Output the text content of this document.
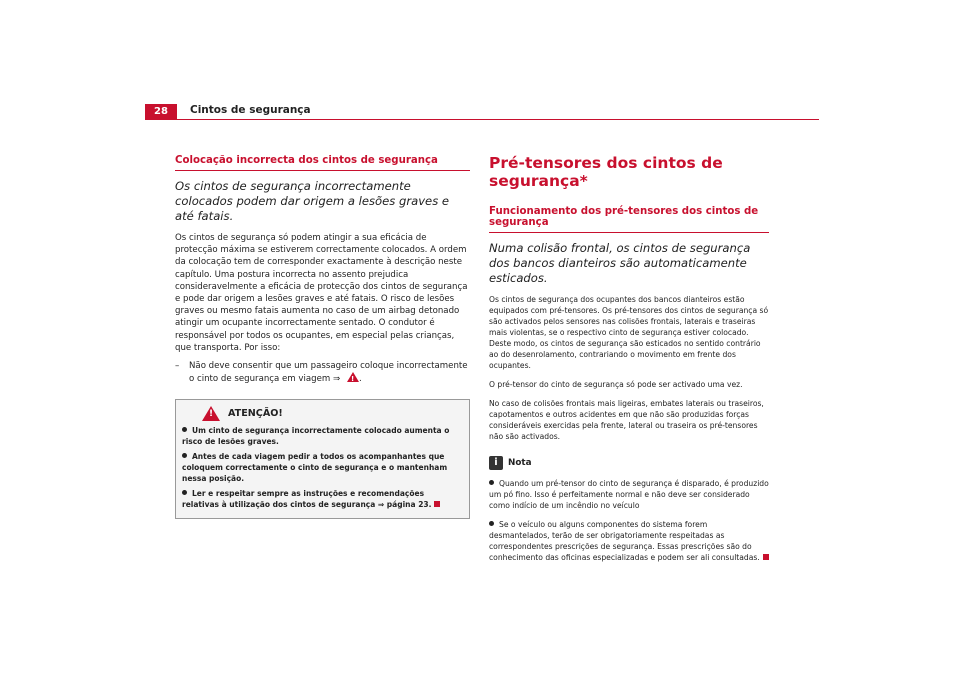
28	Cintos de segurança
Colocação incorrecta dos cintos de segurança
Os cintos de segurança incorrectamente colocados podem dar origem a lesões graves e até fatais.
Os cintos de segurança só podem atingir a sua eficácia de protecção máxima se estiverem correctamente colocados. A ordem da colocação tem de corresponder exactamente à descrição neste capítulo. Uma postura incorrecta no assento prejudica consideravelmente a eficácia de protecção dos cintos de segurança e pode dar origem a lesões graves e até fatais. O risco de lesões graves ou mesmo fatais aumenta no caso de um airbag detonado atingir um ocupante incorrectamente sentado. O condutor é responsável por todos os ocupantes, em especial pelas crianças, que transporta. Por isso:
–	Não deve consentir que um passageiro coloque incorrectamente o cinto de segurança em viagem ⇒ ! .
!
ATENÇÃO!
Um cinto de segurança incorrectamente colocado aumenta o risco de lesões graves.
Antes de cada viagem pedir a todos os acompanhantes que coloquem correctamente o cinto de segurança e o mantenham nessa posição.
Ler e respeitar sempre as instruções e recomendações relativas à utilização dos cintos de segurança ⇒ página 23.
Pré-tensores dos cintos de segurança*
Funcionamento dos pré-tensores dos cintos de segurança
Numa colisão frontal, os cintos de segurança dos bancos dianteiros são automaticamente esticados.
Os cintos de segurança dos ocupantes dos bancos dianteiros estão equipados com pré-tensores. Os pré-tensores dos cintos de segurança só são activados pelos sensores nas colisões frontais, laterais e traseiras mais violentas, se o respectivo cinto de segurança estiver colocado. Deste modo, os cintos de segurança são esticados no sentido contrário ao do desenrolamento, contrariando o movimento em frente dos ocupantes.
O pré-tensor do cinto de segurança só pode ser activado uma vez.
No caso de colisões frontais mais ligeiras, embates laterais ou traseiros, capotamentos e outros acidentes em que não são produzidas forças consideráveis exercidas pela frente, lateral ou traseira os pré-tensores não são activados.
i	Nota
Quando um pré-tensor do cinto de segurança é disparado, é produzido um pó fino. Isso é perfeitamente normal e não deve ser considerado como indício de um incêndio no veículo
Se o veículo ou alguns componentes do sistema forem desmantelados, terão de ser obrigatoriamente respeitadas as correspondentes prescrições de segurança. Essas prescrições são do conhecimento das oficinas especializadas e podem ser ali consultadas.
